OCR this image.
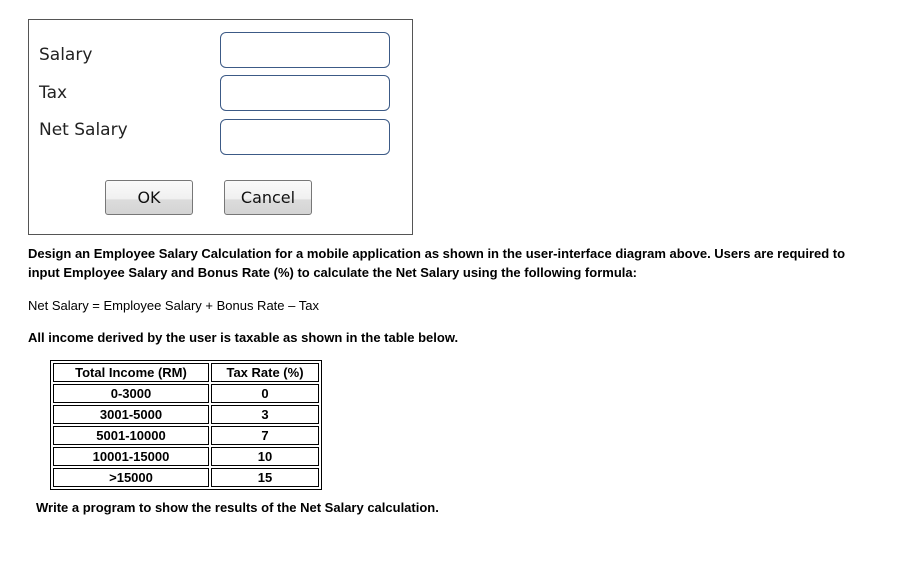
Salary
Tax
Net Salary
OK	Cancel

Design an Employee Salary Calculation for a mobile application as shown in the user-interface diagram above. Users are required to
input Employee Salary and Bonus Rate (%) to calculate the Net Salary using the following formula:

Net Salary = Employee Salary + Bonus Rate – Tax

All income derived by the user is taxable as shown in the table below.

Total Income (RM)	Tax Rate (%)
0-3000	0
3001-5000	3
5001-10000	7
10001-15000	10
>15000	15

Write a program to show the results of the Net Salary calculation.
